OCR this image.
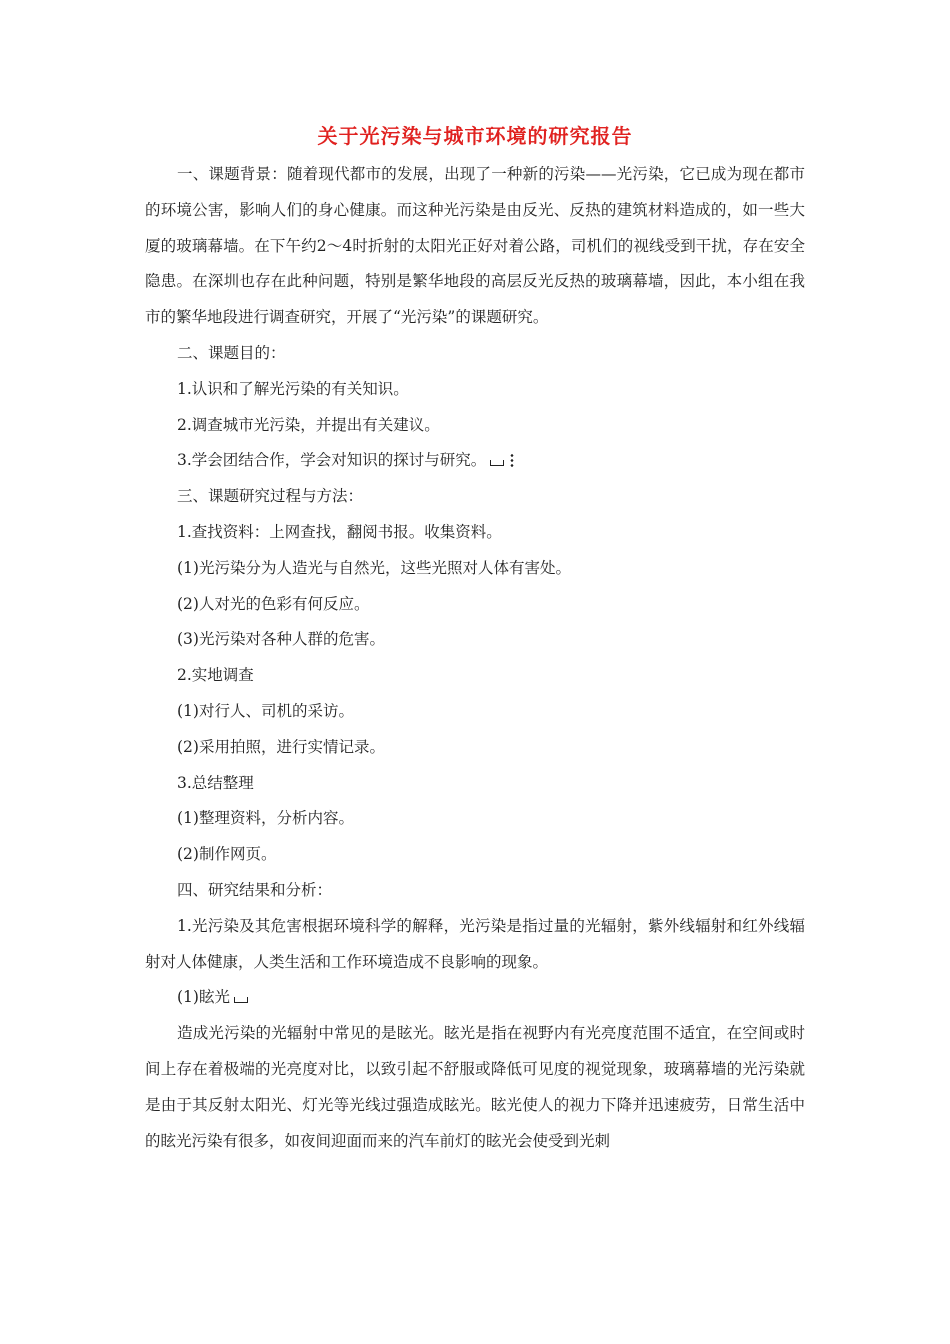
关于光污染与城市环境的研究报告

一、课题背景：随着现代都市的发展，出现了一种新的污染——光污染，它已成为现在都市的环境公害，影响人们的身心健康。而这种光污染是由反光、反热的建筑材料造成的，如一些大厦的玻璃幕墙。在下午约2～4时折射的太阳光正好对着公路，司机们的视线受到干扰，存在安全隐患。在深圳也存在此种问题，特别是繁华地段的高层反光反热的玻璃幕墙，因此，本小组在我市的繁华地段进行调查研究，开展了“光污染”的课题研究。

二、课题目的：

1.认识和了解光污染的有关知识。

2.调查城市光污染，并提出有关建议。

3.学会团结合作，学会对知识的探讨与研究。

三、课题研究过程与方法：

1.查找资料：上网查找，翻阅书报。收集资料。

(1)光污染分为人造光与自然光，这些光照对人体有害处。

(2)人对光的色彩有何反应。

(3)光污染对各种人群的危害。

2.实地调查

(1)对行人、司机的采访。

(2)采用拍照，进行实情记录。

3.总结整理

(1)整理资料，分析内容。

(2)制作网页。

四、研究结果和分析：

1.光污染及其危害根据环境科学的解释，光污染是指过量的光辐射，紫外线辐射和红外线辐射对人体健康，人类生活和工作环境造成不良影响的现象。

(1)眩光

造成光污染的光辐射中常见的是眩光。眩光是指在视野内有光亮度范围不适宜，在空间或时间上存在着极端的光亮度对比，以致引起不舒服或降低可见度的视觉现象，玻璃幕墙的光污染就是由于其反射太阳光、灯光等光线过强造成眩光。眩光使人的视力下降并迅速疲劳，日常生活中的眩光污染有很多，如夜间迎面而来的汽车前灯的眩光会使受到光刺
